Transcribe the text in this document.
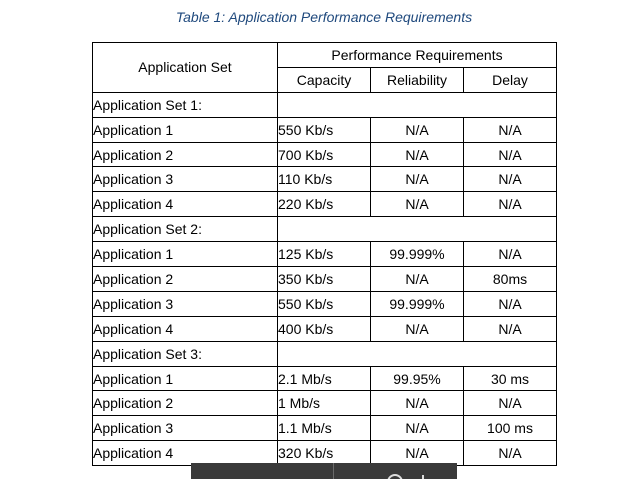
Table 1: Application Performance Requirements
Application Set	Performance Requirements		
	Capacity	Reliability	Delay
Application Set 1:			
Application 1	550 Kb/s	N/A	N/A
Application 2	700 Kb/s	N/A	N/A
Application 3	110 Kb/s	N/A	N/A
Application 4	220 Kb/s	N/A	N/A
Application Set 2:			
Application 1	125 Kb/s	99.999%	N/A
Application 2	350 Kb/s	N/A	80ms
Application 3	550 Kb/s	99.999%	N/A
Application 4	400 Kb/s	N/A	N/A
Application Set 3:			
Application 1	2.1 Mb/s	99.95%	30 ms
Application 2	1 Mb/s	N/A	N/A
Application 3	1.1 Mb/s	N/A	100 ms
Application 4	320 Kb/s	N/A	N/A
